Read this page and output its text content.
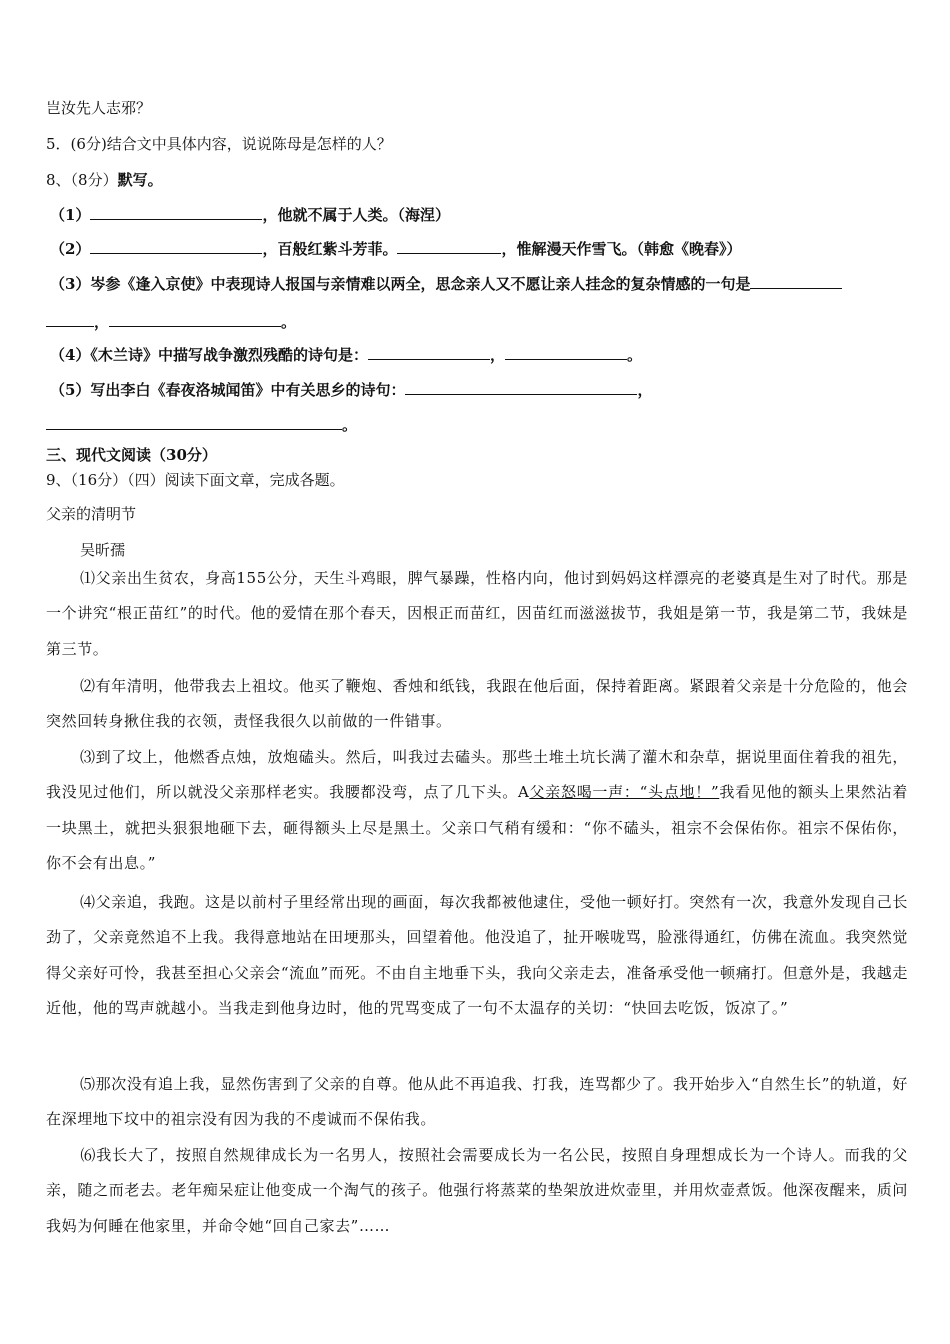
岂汝先人志邪？
5．(6分)结合文中具体内容，说说陈母是怎样的人？
8、（8分）默写。
（1）	，他就不属于人类。（海涅）
（2）	，百般红紫斗芳菲。	，惟解漫天作雪飞。（韩愈《晚春》）
（3）岑参《逢入京使》中表现诗人报国与亲情难以两全，思念亲人又不愿让亲人挂念的复杂情感的一句是
，	。
（4）《木兰诗》中描写战争激烈残酷的诗句是：	，	。
（5）写出李白《春夜洛城闻笛》中有关思乡的诗句：	，
。
三、现代文阅读（30分）
9、（16分）（四）阅读下面文章，完成各题。
父亲的清明节
吴昕孺
⑴父亲出生贫农，身高155公分，天生斗鸡眼，脾气暴躁，性格内向，他讨到妈妈这样漂亮的老婆真是生对了时代。那是一个讲究“根正苗红”的时代。他的爱情在那个春天，因根正而苗红，因苗红而滋滋拔节，我姐是第一节，我是第二节，我妹是第三节。
⑵有年清明，他带我去上祖坟。他买了鞭炮、香烛和纸钱，我跟在他后面，保持着距离。紧跟着父亲是十分危险的，他会突然回转身揪住我的衣领，责怪我很久以前做的一件错事。
⑶到了坟上，他燃香点烛，放炮磕头。然后，叫我过去磕头。那些土堆土坑长满了灌木和杂草，据说里面住着我的祖先，我没见过他们，所以就没父亲那样老实。我腰都没弯，点了几下头。A父亲怒喝一声：“头点地！”我看见他的额头上果然沾着一块黑土，就把头狠狠地砸下去，砸得额头上尽是黑土。父亲口气稍有缓和：“你不磕头，祖宗不会保佑你。祖宗不保佑你，你不会有出息。”
⑷父亲追，我跑。这是以前村子里经常出现的画面，每次我都被他逮住，受他一顿好打。突然有一次，我意外发现自己长劲了，父亲竟然追不上我。我得意地站在田埂那头，回望着他。他没追了，扯开喉咙骂，脸涨得通红，仿佛在流血。我突然觉得父亲好可怜，我甚至担心父亲会“流血”而死。不由自主地垂下头，我向父亲走去，准备承受他一顿痛打。但意外是，我越走近他，他的骂声就越小。当我走到他身边时，他的咒骂变成了一句不太温存的关切：“快回去吃饭，饭凉了。”
⑸那次没有追上我，显然伤害到了父亲的自尊。他从此不再追我、打我，连骂都少了。我开始步入“自然生长”的轨道，好在深埋地下坟中的祖宗没有因为我的不虔诚而不保佑我。
⑹我长大了，按照自然规律成长为一名男人，按照社会需要成长为一名公民，按照自身理想成长为一个诗人。而我的父亲，随之而老去。老年痴呆症让他变成一个淘气的孩子。他强行将蒸菜的垫架放进炊壶里，并用炊壶煮饭。他深夜醒来，质问我妈为何睡在他家里，并命令她“回自己家去”……
